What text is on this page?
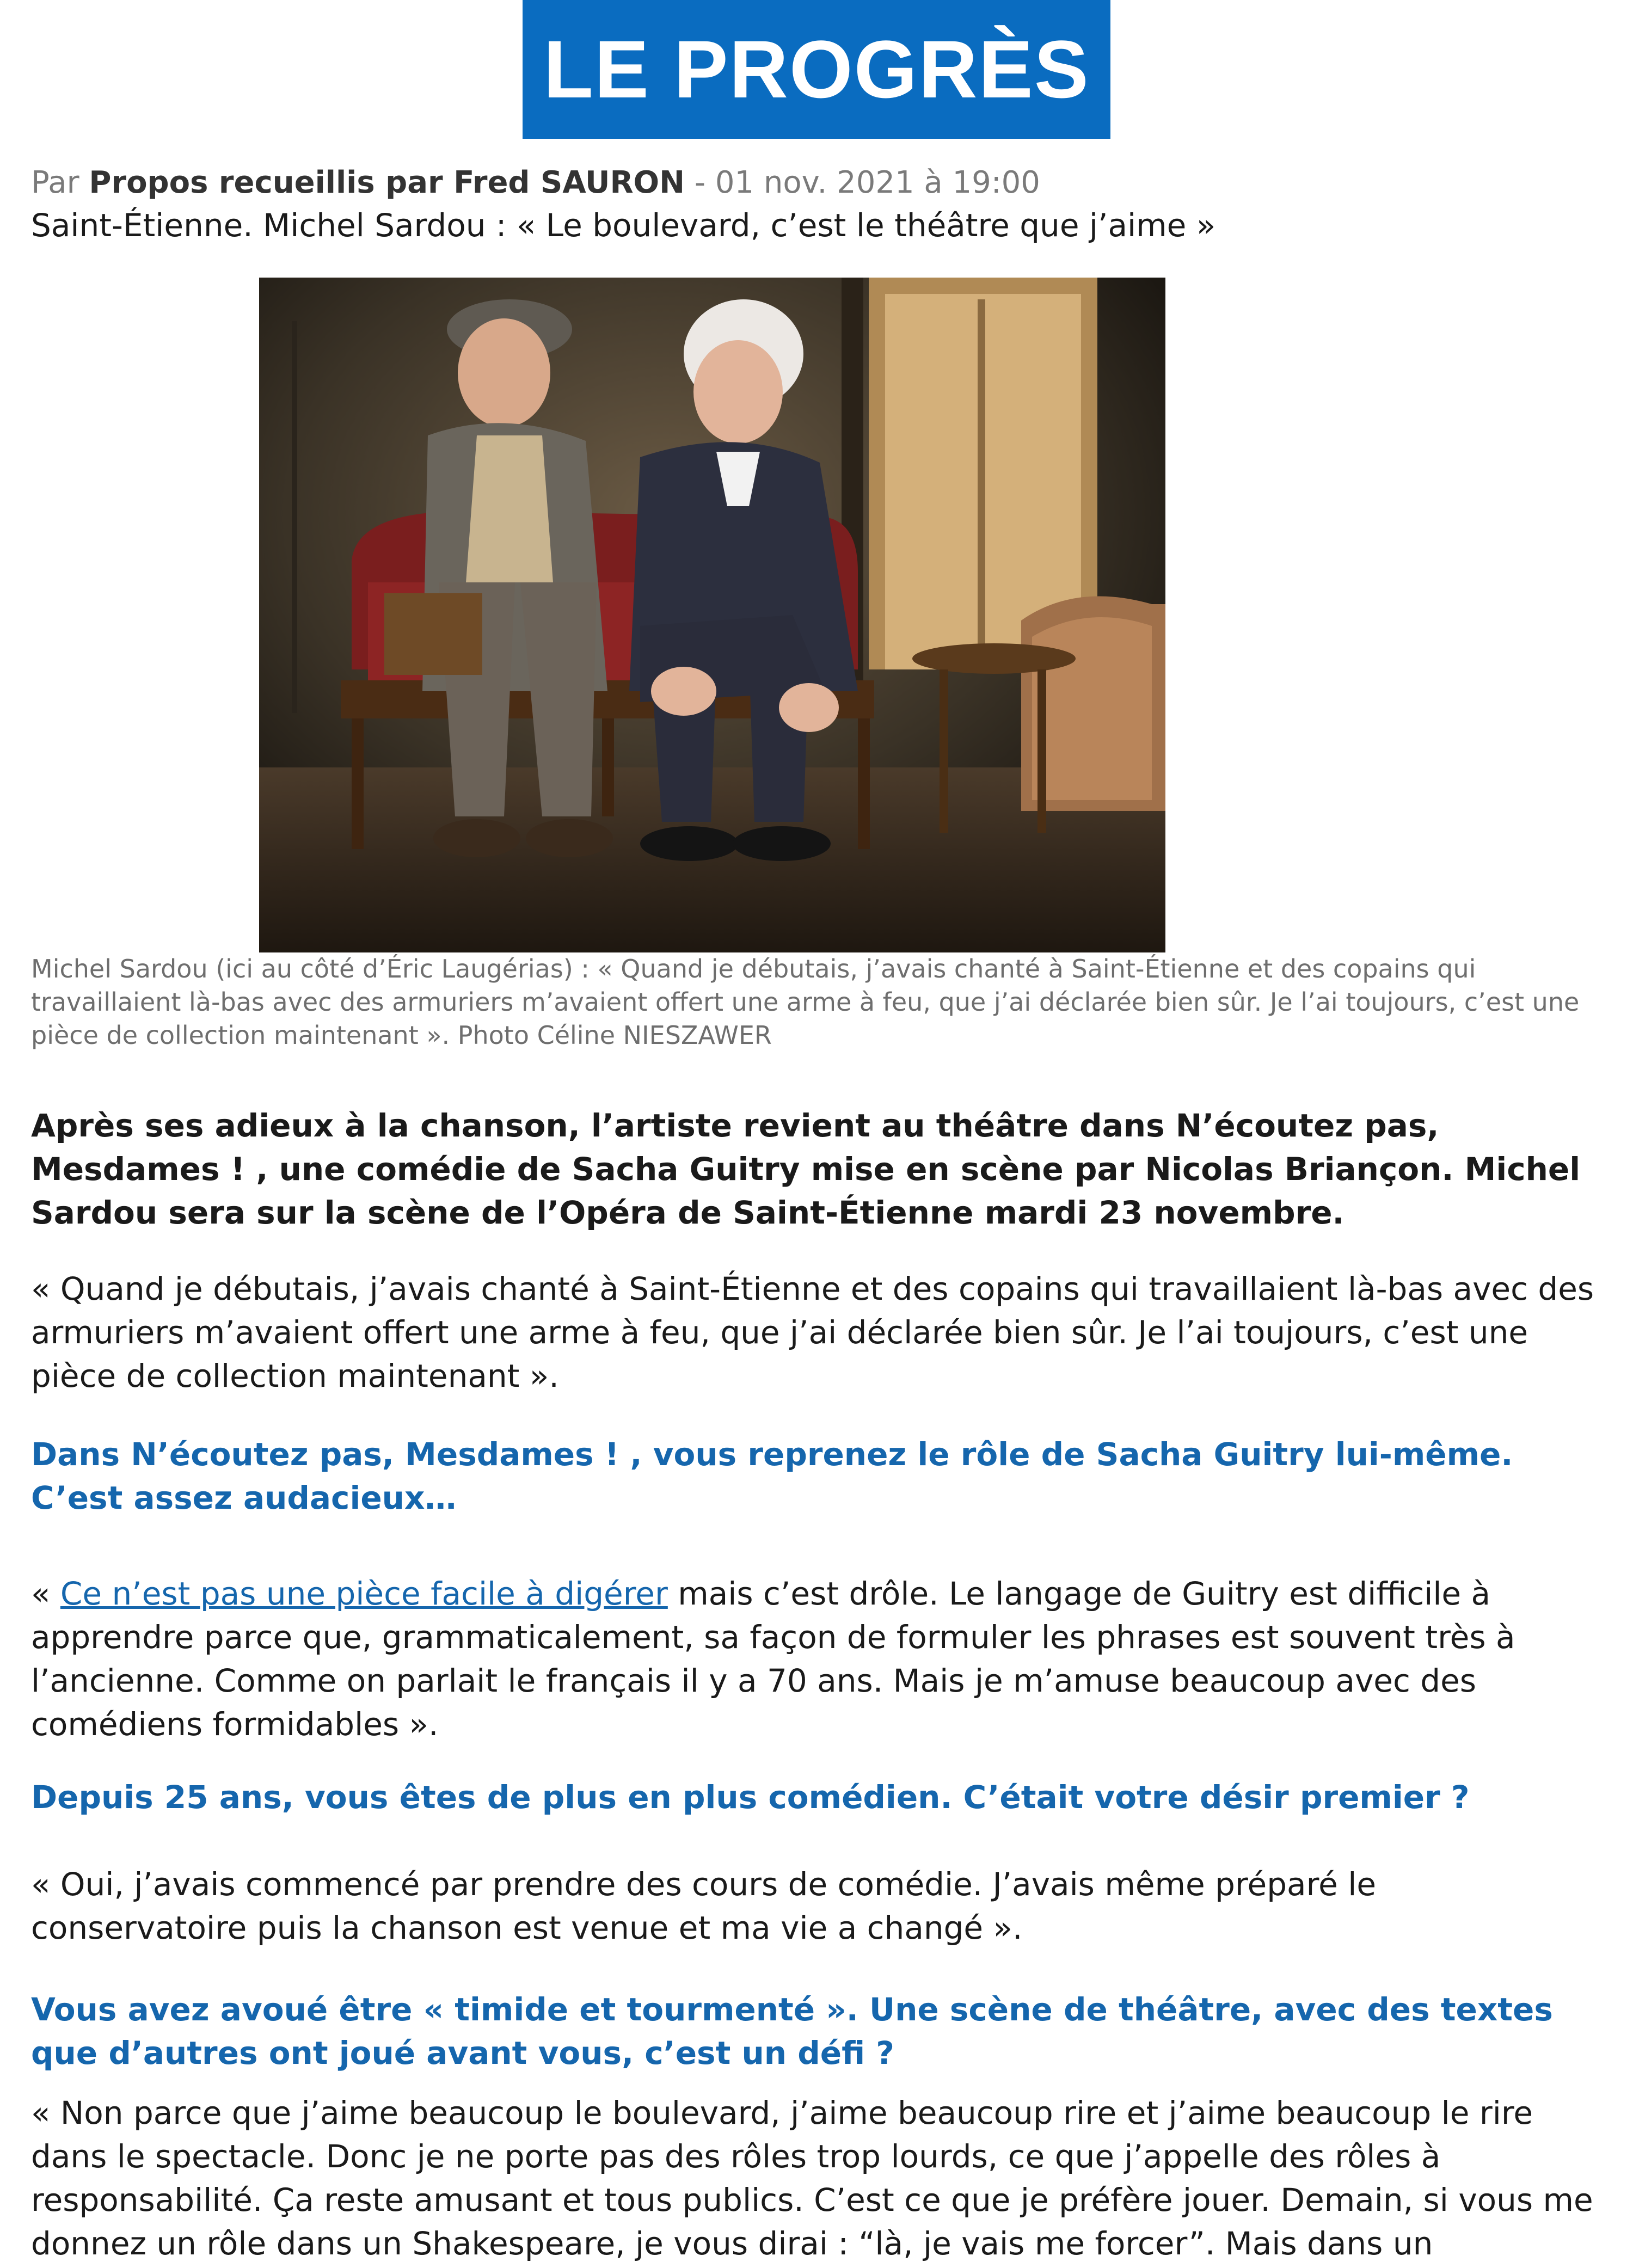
LE PROGRÈS
Par Propos recueillis par Fred SAURON - 01 nov. 2021 à 19:00
Saint-Étienne. Michel Sardou : « Le boulevard, c’est le théâtre que j’aime »
Michel Sardou (ici au côté d’Éric Laugérias) : « Quand je débutais, j’avais chanté à Saint-Étienne et des copains qui travaillaient là-bas avec des armuriers m’avaient offert une arme à feu, que j’ai déclarée bien sûr. Je l’ai toujours, c’est une pièce de collection maintenant ». Photo Céline NIESZAWER
Après ses adieux à la chanson, l’artiste revient au théâtre dans N’écoutez pas, Mesdames ! , une comédie de Sacha Guitry mise en scène par Nicolas Briançon. Michel Sardou sera sur la scène de l’Opéra de Saint-Étienne mardi 23 novembre.
« Quand je débutais, j’avais chanté à Saint-Étienne et des copains qui travaillaient là-bas avec des armuriers m’avaient offert une arme à feu, que j’ai déclarée bien sûr. Je l’ai toujours, c’est une pièce de collection maintenant ».
Dans N’écoutez pas, Mesdames ! , vous reprenez le rôle de Sacha Guitry lui-même. C’est assez audacieux…
« Ce n’est pas une pièce facile à digérer mais c’est drôle. Le langage de Guitry est difficile à apprendre parce que, grammaticalement, sa façon de formuler les phrases est souvent très à l’ancienne. Comme on parlait le français il y a 70 ans. Mais je m’amuse beaucoup avec des comédiens formidables ».
Depuis 25 ans, vous êtes de plus en plus comédien. C’était votre désir premier ?
« Oui, j’avais commencé par prendre des cours de comédie. J’avais même préparé le conservatoire puis la chanson est venue et ma vie a changé ».
Vous avez avoué être « timide et tourmenté ». Une scène de théâtre, avec des textes que d’autres ont joué avant vous, c’est un défi ?
« Non parce que j’aime beaucoup le boulevard, j’aime beaucoup rire et j’aime beaucoup le rire dans le spectacle. Donc je ne porte pas des rôles trop lourds, ce que j’appelle des rôles à responsabilité. Ça reste amusant et tous publics. C’est ce que je préfère jouer. Demain, si vous me donnez un rôle dans un Shakespeare, je vous dirai : “là, je vais me forcer”. Mais dans un
